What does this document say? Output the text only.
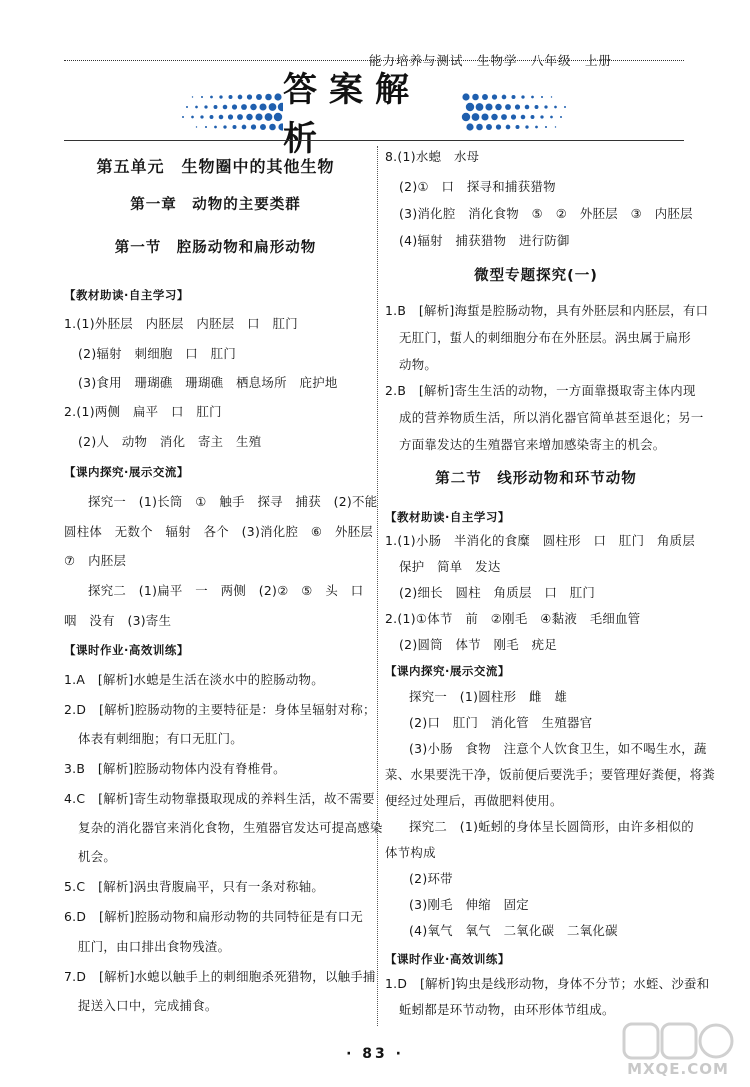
能力培养与测试　生物学　八年级　上册
答案解析
第五单元　生物圈中的其他生物
第一章　动物的主要类群
第一节　腔肠动物和扁形动物
【教材助读·自主学习】
1.(1)外胚层　内胚层　内胚层　口　肛门
(2)辐射　刺细胞　口　肛门
(3)食用　珊瑚礁　珊瑚礁　栖息场所　庇护地
2.(1)两侧　扁平　口　肛门
(2)人　动物　消化　寄主　生殖
【课内探究·展示交流】
探究一　(1)长筒　①　触手　探寻　捕获　(2)不能
圆柱体　无数个　辐射　各个　(3)消化腔　⑥　外胚层
⑦　内胚层
探究二　(1)扁平　一　两侧　(2)②　⑤　头　口
咽　没有　(3)寄生
【课时作业·高效训练】
1.A　[解析]水螅是生活在淡水中的腔肠动物。
2.D　[解析]腔肠动物的主要特征是：身体呈辐射对称；
体表有刺细胞；有口无肛门。
3.B　[解析]腔肠动物体内没有脊椎骨。
4.C　[解析]寄生动物靠摄取现成的养料生活，故不需要
复杂的消化器官来消化食物，生殖器官发达可提高感染
机会。
5.C　[解析]涡虫背腹扁平，只有一条对称轴。
6.D　[解析]腔肠动物和扁形动物的共同特征是有口无
肛门，由口排出食物残渣。
7.D　[解析]水螅以触手上的刺细胞杀死猎物，以触手捕
捉送入口中，完成捕食。
8.(1)水螅　水母
(2)①　口　探寻和捕获猎物
(3)消化腔　消化食物　⑤　②　外胚层　③　内胚层
(4)辐射　捕获猎物　进行防御
微型专题探究(一)
1.B　[解析]海蜇是腔肠动物，具有外胚层和内胚层，有口
无肛门，蜇人的刺细胞分布在外胚层。涡虫属于扁形
动物。
2.B　[解析]寄生生活的动物，一方面靠摄取寄主体内现
成的营养物质生活，所以消化器官简单甚至退化；另一
方面靠发达的生殖器官来增加感染寄主的机会。
第二节　线形动物和环节动物
【教材助读·自主学习】
1.(1)小肠　半消化的食糜　圆柱形　口　肛门　角质层
保护　简单　发达
(2)细长　圆柱　角质层　口　肛门
2.(1)①体节　前　②刚毛　④黏液　毛细血管
(2)圆筒　体节　刚毛　疣足
【课内探究·展示交流】
探究一　(1)圆柱形　雌　雄
(2)口　肛门　消化管　生殖器官
(3)小肠　食物　注意个人饮食卫生，如不喝生水，蔬
菜、水果要洗干净，饭前便后要洗手；要管理好粪便，将粪
便经过处理后，再做肥料使用。
探究二　(1)蚯蚓的身体呈长圆筒形，由许多相似的
体节构成
(2)环带
(3)刚毛　伸缩　固定
(4)氧气　氧气　二氧化碳　二氧化碳
【课时作业·高效训练】
1.D　[解析]钩虫是线形动物，身体不分节；水蛭、沙蚕和
蚯蚓都是环节动物，由环形体节组成。
· 83 ·
MXQE.COM
